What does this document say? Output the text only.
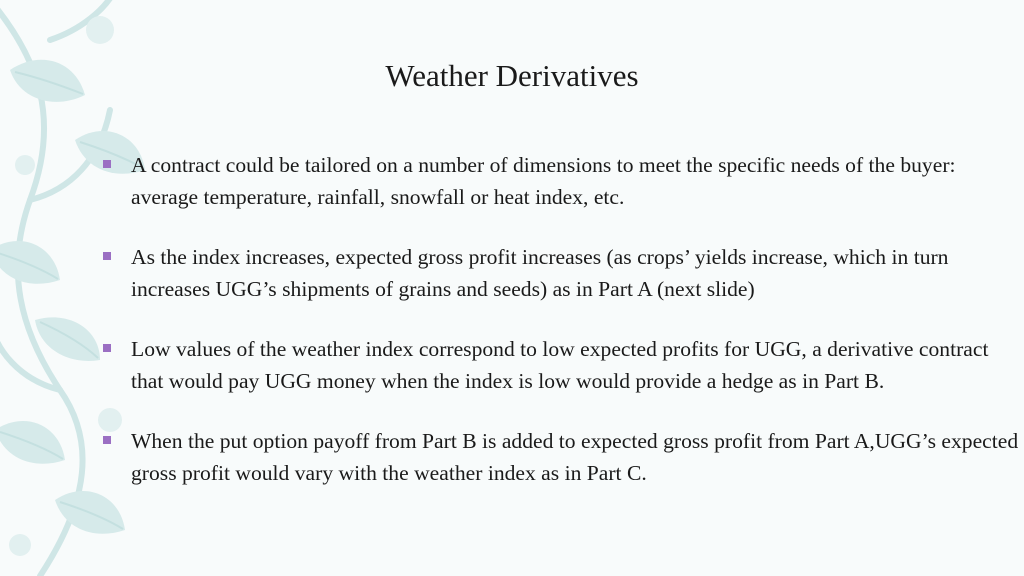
Weather Derivatives
A contract could be tailored on a number of dimensions to meet the specific needs of the buyer: average temperature, rainfall, snowfall or heat index, etc.
As the index increases, expected gross profit increases (as crops’ yields increase, which in turn increases UGG’s shipments of grains and seeds) as in Part A (next slide)
Low values of the weather index correspond to low expected profits for UGG, a derivative contract that would pay UGG money when the index is low would provide a hedge as in Part B.
When the put option payoff from Part B is added to expected gross profit from Part A,UGG’s expected gross profit would vary with the weather index as in Part C.
